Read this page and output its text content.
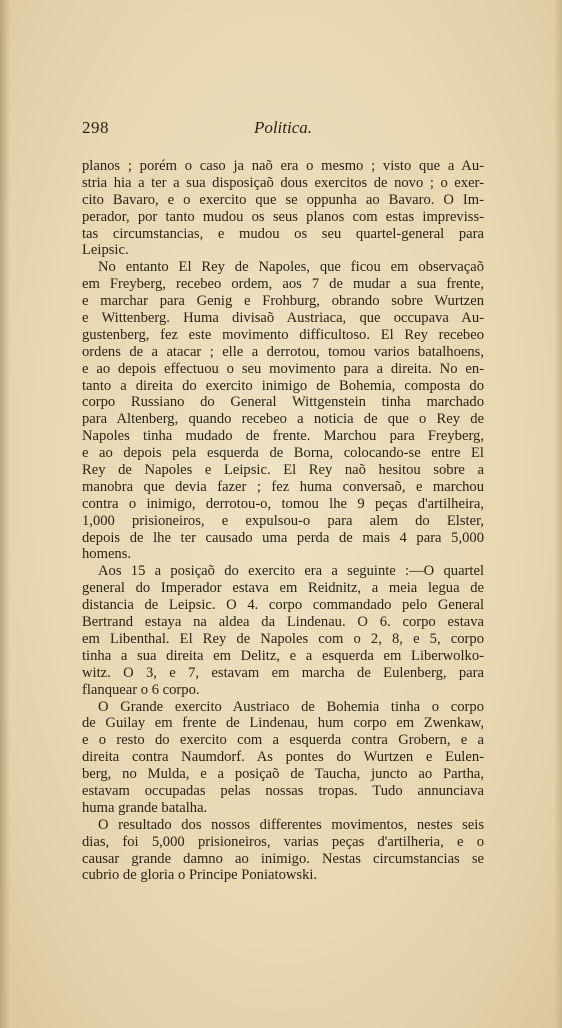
298	Politica.
planos ; porém o caso ja naõ era o mesmo ; visto que a Au-
stria hia a ter a sua disposiçaõ dous exercitos de novo ; o exer-
cito Bavaro, e o exercito que se oppunha ao Bavaro. O Im-
perador, por tanto mudou os seus planos com estas impreviss-
tas circumstancias, e mudou os seu quartel-general para
Leipsic.
No entanto El Rey de Napoles, que ficou em observaçaõ
em Freyberg, recebeo ordem, aos 7 de mudar a sua frente,
e marchar para Genig e Frohburg, obrando sobre Wurtzen
e Wittenberg. Huma divisaõ Austriaca, que occupava Au-
gustenberg, fez este movimento difficultoso. El Rey recebeo
ordens de a atacar ; elle a derrotou, tomou varios batalhoens,
e ao depois effectuou o seu movimento para a direita. No en-
tanto a direita do exercito inimigo de Bohemia, composta do
corpo Russiano do General Wittgenstein tinha marchado
para Altenberg, quando recebeo a noticia de que o Rey de
Napoles tinha mudado de frente. Marchou para Freyberg,
e ao depois pela esquerda de Borna, colocando-se entre El
Rey de Napoles e Leipsic. El Rey naõ hesitou sobre a
manobra que devia fazer ; fez huma conversaõ, e marchou
contra o inimigo, derrotou-o, tomou lhe 9 peças d'artilheira,
1,000 prisioneiros, e expulsou-o para alem do Elster,
depois de lhe ter causado uma perda de mais 4 para 5,000
homens.
Aos 15 a posiçaõ do exercito era a seguinte :—O quartel
general do Imperador estava em Reidnitz, a meia legua de
distancia de Leipsic. O 4. corpo commandado pelo General
Bertrand estaya na aldea da Lindenau. O 6. corpo estava
em Libenthal. El Rey de Napoles com o 2, 8, e 5, corpo
tinha a sua direita em Delitz, e a esquerda em Liberwolko-
witz. O 3, e 7, estavam em marcha de Eulenberg, para
flanquear o 6 corpo.
O Grande exercito Austriaco de Bohemia tinha o corpo
de Guilay em frente de Lindenau, hum corpo em Zwenkaw,
e o resto do exercito com a esquerda contra Grobern, e a
direita contra Naumdorf. As pontes do Wurtzen e Eulen-
berg, no Mulda, e a posiçaõ de Taucha, juncto ao Partha,
estavam occupadas pelas nossas tropas. Tudo annunciava
huma grande batalha.
O resultado dos nossos differentes movimentos, nestes seis
dias, foi 5,000 prisioneiros, varias peças d'artilheria, e o
causar grande damno ao inimigo. Nestas circumstancias se
cubrio de gloria o Principe Poniatowski.
